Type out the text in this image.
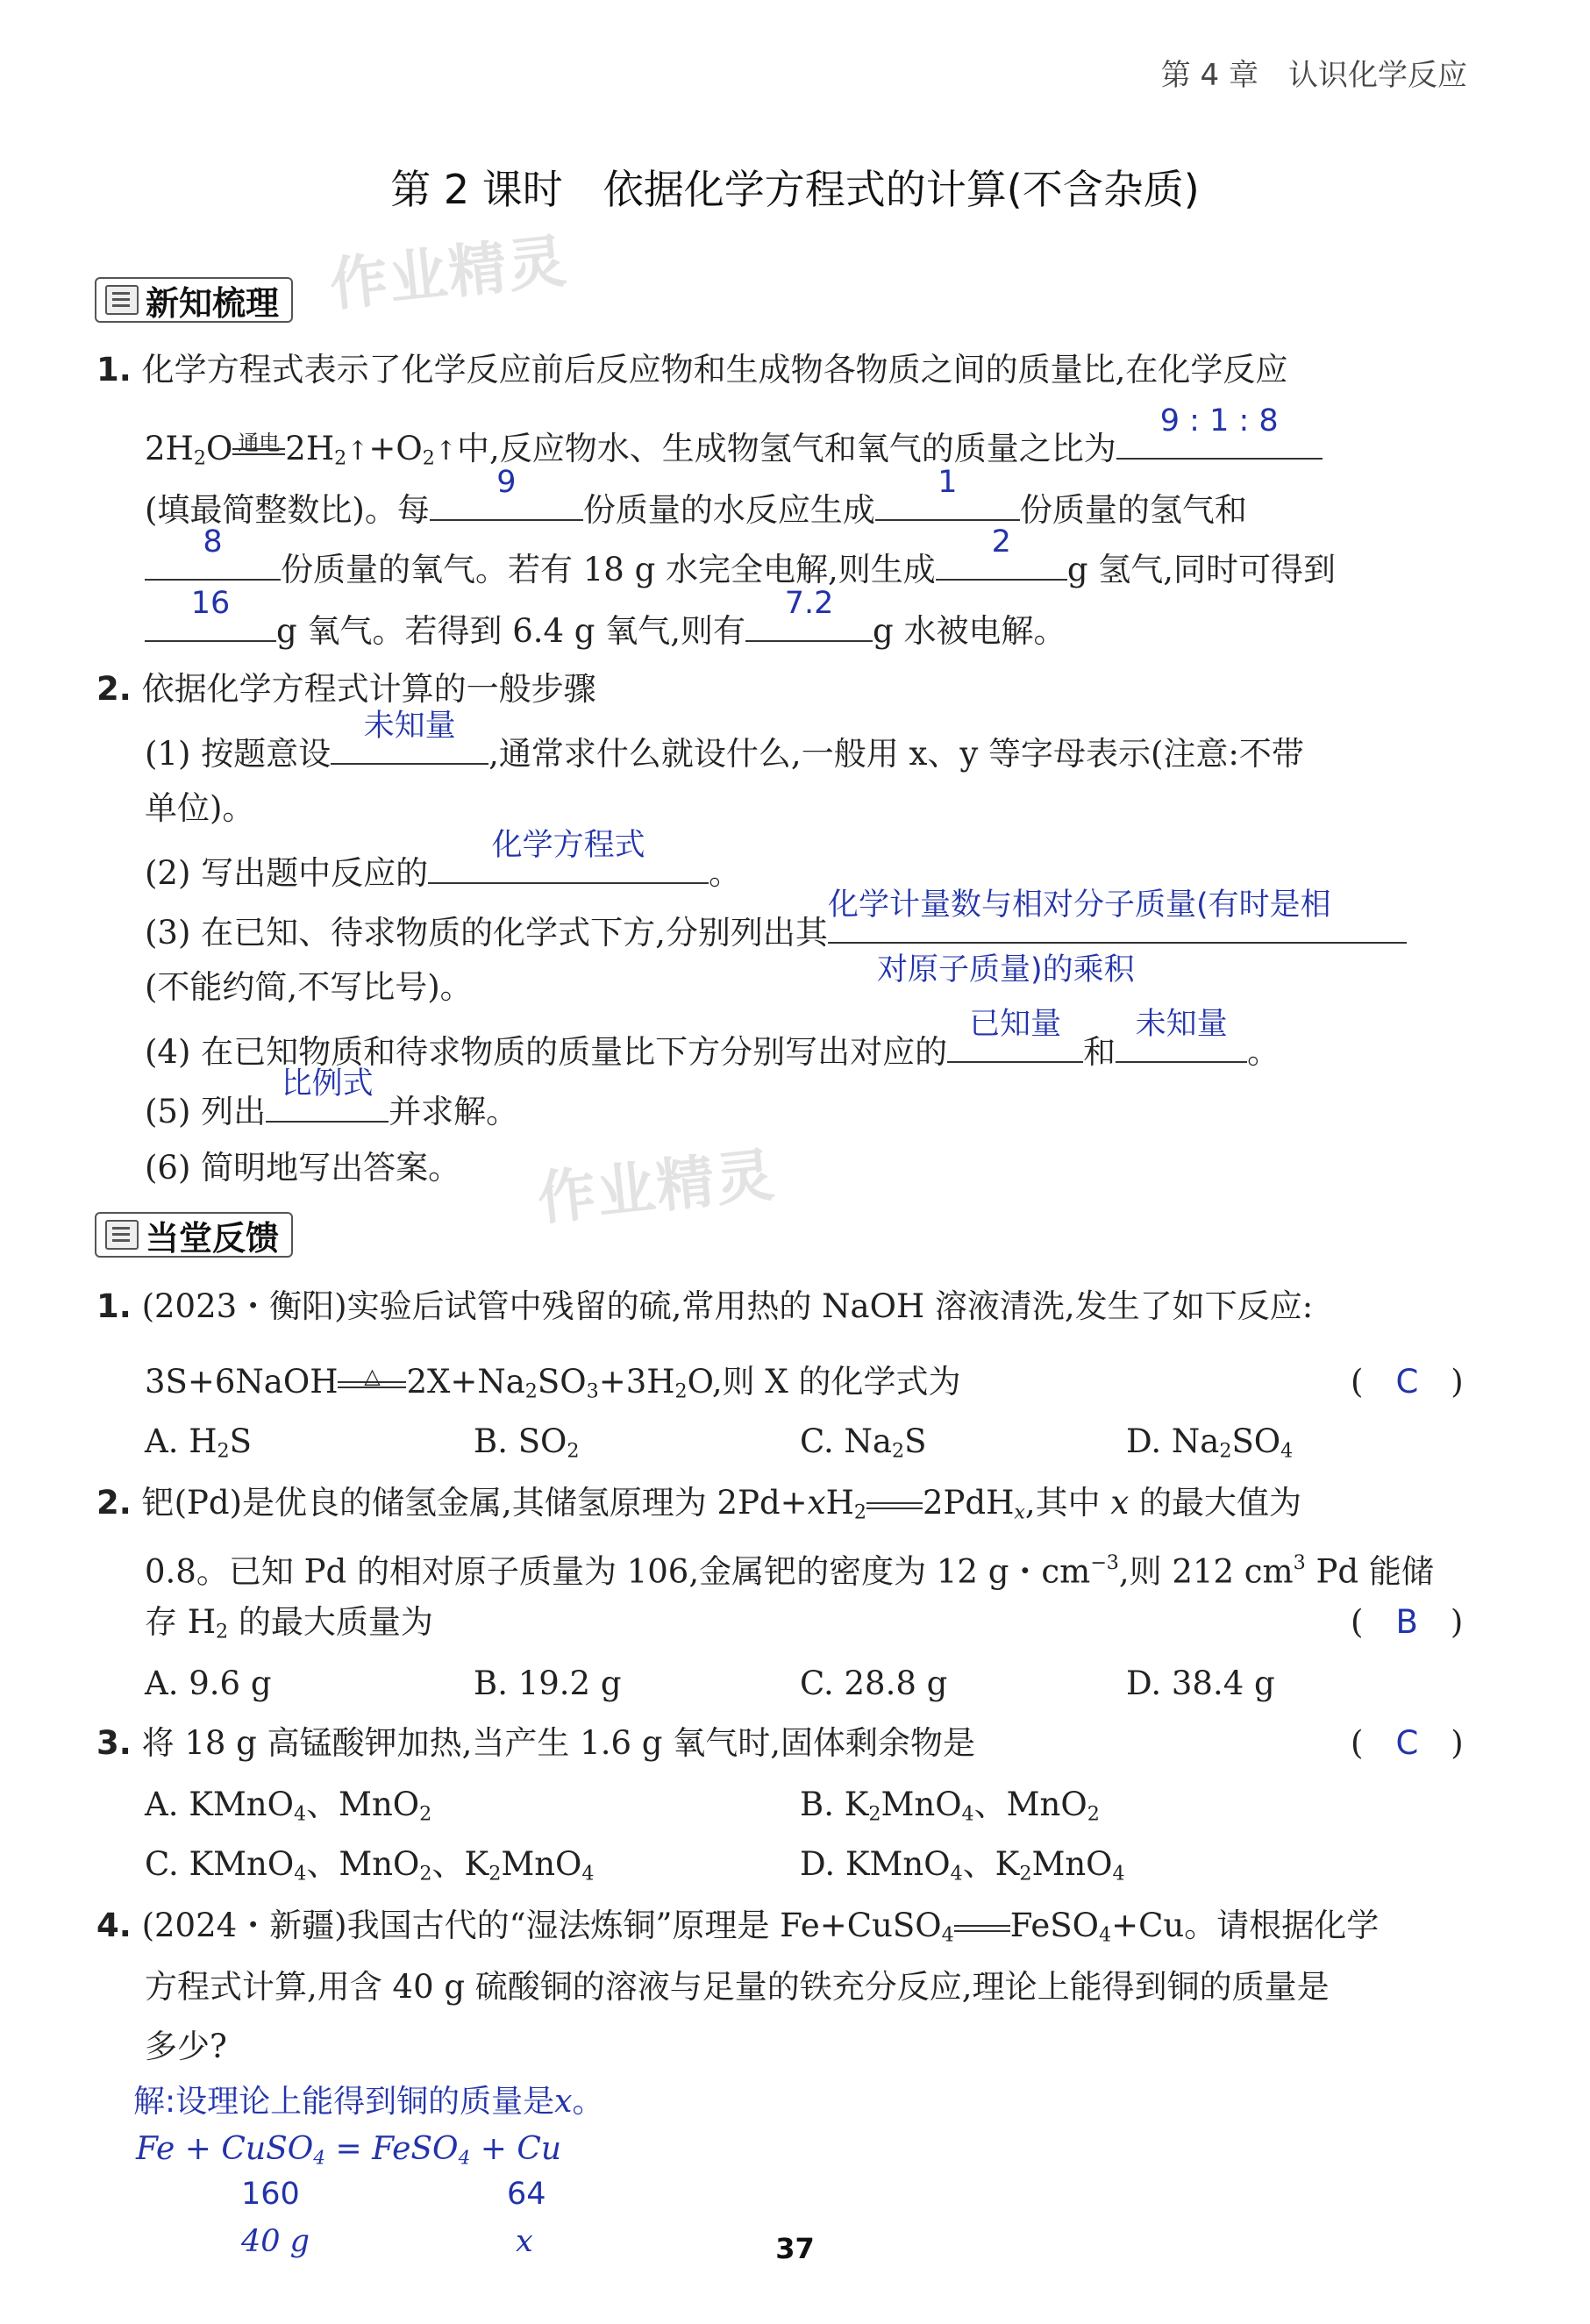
第 4 章　 认识化学反应
第 2 课时　依据化学方程式的计算(不含杂质)
作业精灵
作业精灵
新知梳理
1. 化学方程式表示了化学反应前后反应物和生成物各物质之间的质量比,在化学反应
$2H_2O$ 通电 $2H_2↑+O_2↑$中,反应物水、生成物氢气和氧气的质量之比为
9 : 1 : 8
(填最简整数比)。每
9
份质量的水反应生成
1
份质量的氢气和
8
份质量的氧气。若有 18 g 水完全电解,则生成
2
g 氢气,同时可得到
16
g 氧气。若得到 6.4 g 氧气,则有
7.2
g 水被电解。
2. 依据化学方程式计算的一般步骤
(1) 按题意设
未知量
,通常求什么就设什么,一般用 x、y 等字母表示(注意:不带
单位)。
(2) 写出题中反应的
化学方程式
。
(3) 在已知、待求物质的化学式下方,分别列出其
化学计量数与相对分子质量(有时是相
对原子质量)的乘积
(不能约简,不写比号)。
(4) 在已知物质和待求物质的质量比下方分别写出对应的
已知量
和
未知量
。
(5) 列出
比例式
并求解。
(6) 简明地写出答案。
当堂反馈
1. (2023・衡阳)实验后试管中残留的硫,常用热的 NaOH 溶液清洗,发生了如下反应:
3S+6NaOH	△ $2X+Na_2SO_3+3H_2O$,则 X 的化学式为	(　C　)
A. $H_2S$	B. $SO_2$	C. $Na_2S$	D. $Na_2SO_4$
2. 钯(Pd)是优良的储氢金属,其储氢原理为 $2Pd+xH_2$ 2PdH$_x$,其中 x 的最大值为
0.8。已知 Pd 的相对原子质量为 106,金属钯的密度为 12 g・$cm^{-3}$,则 212 $cm^3$ Pd 能储
存 $H_2$ 的最大质量为	(　B　)
A. 9.6 g	B. 19.2 g	C. 28.8 g	D. 38.4 g
3. 将 18 g 高锰酸钾加热,当产生 1.6 g 氧气时,固体剩余物是	(　C　)
A. KMnO$_4$、MnO$_2$	B. $K_2MnO_4$、MnO$_2$
C. KMnO$_4$、MnO$_2$、$K_2MnO_4$	D. KMnO$_4$、$K_2MnO_4$
4. (2024・新疆)我国古代的“湿法炼铜”原理是 Fe+CuSO$_4$ FeSO$_4$+Cu。请根据化学
方程式计算,用含 40 g 硫酸铜的溶液与足量的铁充分反应,理论上能得到铜的质量是
多少?
解:设理论上能得到铜的质量是x。
Fe + CuSO$_4$ = FeSO$_4$ + Cu
160	64
40 g	x	37
